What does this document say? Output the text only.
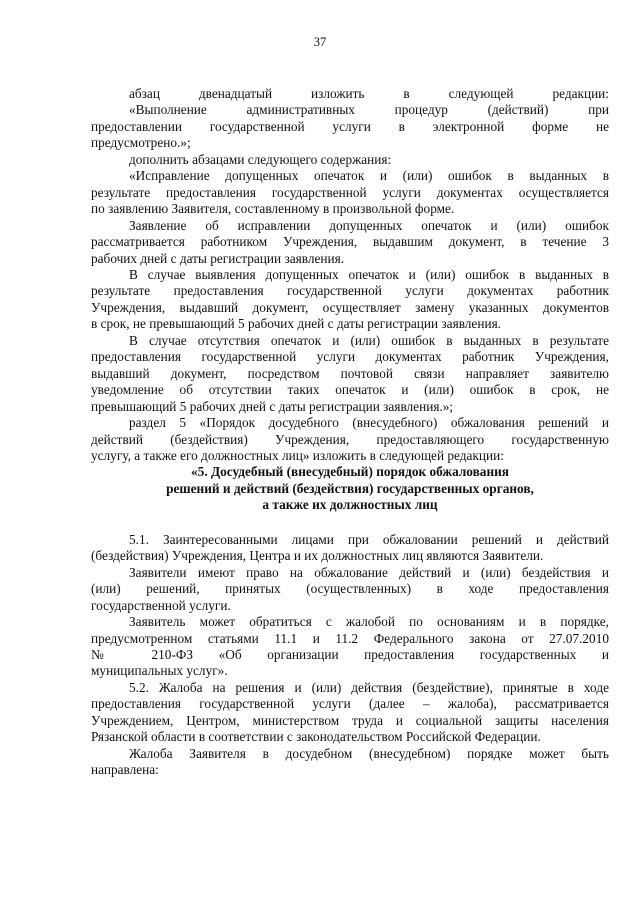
37

абзац двенадцатый изложить в следующей редакции:

«Выполнение административных процедур (действий) при

предоставлении государственной услуги в электронной форме не

предусмотрено.»;

дополнить абзацами следующего содержания:

«Исправление допущенных опечаток и (или) ошибок в выданных в

результате предоставления государственной услуги документах осуществляется

по заявлению Заявителя, составленному в произвольной форме.

Заявление об исправлении допущенных опечаток и (или) ошибок

рассматривается работником Учреждения, выдавшим документ, в течение 3

рабочих дней с даты регистрации заявления.

В случае выявления допущенных опечаток и (или) ошибок в выданных в

результате предоставления государственной услуги документах работник

Учреждения, выдавший документ, осуществляет замену указанных документов

в срок, не превышающий 5 рабочих дней с даты регистрации заявления.

В случае отсутствия опечаток и (или) ошибок в выданных в результате

предоставления государственной услуги документах работник Учреждения,

выдавший документ, посредством почтовой связи направляет заявителю

уведомление об отсутствии таких опечаток и (или) ошибок в срок, не

превышающий 5 рабочих дней с даты регистрации заявления.»;

раздел 5 «Порядок досудебного (внесудебного) обжалования решений и

действий (бездействия) Учреждения, предоставляющего государственную

услугу, а также его должностных лиц» изложить в следующей редакции:

«5. Досудебный (внесудебный) порядок обжалования

решений и действий (бездействия) государственных органов,

а также их должностных лиц

5.1. Заинтересованными лицами при обжаловании решений и действий

(бездействия) Учреждения, Центра и их должностных лиц являются Заявители.

Заявители имеют право на обжалование действий и (или) бездействия и

(или) решений, принятых (осуществленных) в ходе предоставления

государственной услуги.

Заявитель может обратиться с жалобой по основаниям и в порядке,

предусмотренном статьями 11.1 и 11.2 Федерального закона от 27.07.2010

№ 210-ФЗ «Об организации предоставления государственных и

муниципальных услуг».

5.2. Жалоба на решения и (или) действия (бездействие), принятые в ходе

предоставления государственной услуги (далее – жалоба), рассматривается

Учреждением, Центром, министерством труда и социальной защиты населения

Рязанской области в соответствии с законодательством Российской Федерации.

Жалоба Заявителя в досудебном (внесудебном) порядке может быть

направлена:
